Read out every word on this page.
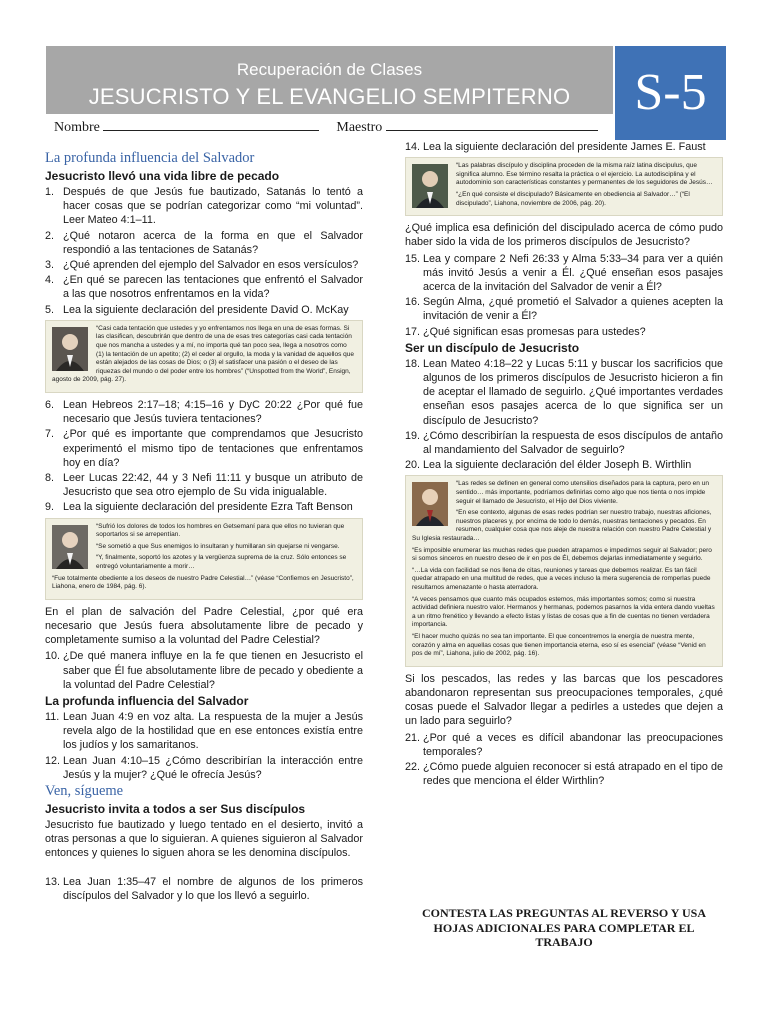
Recuperación de Clases
JESUCRISTO Y EL EVANGELIO SEMPITERNO	S-5
Nombre	Maestro
La profunda influencia del Salvador
Jesucristo llevó una vida libre de pecado
1. Después de que Jesús fue bautizado, Satanás lo tentó a hacer cosas que se podrían categorizar como “mi voluntad”. Leer Mateo 4:1–11.
2. ¿Qué notaron acerca de la forma en que el Salvador respondió a las tentaciones de Satanás?
3. ¿Qué aprenden del ejemplo del Salvador en esos versículos?
4. ¿En qué se parecen las tentaciones que enfrentó el Salvador a las que nosotros enfrentamos en la vida?
5. Lea la siguiente declaración del presidente David O. McKay

“Casi cada tentación que ustedes y yo enfrentamos nos llega en una de esas formas. Si las clasifican, descubrirán que dentro de una de esas tres categorías casi cada tentación que nos mancha a ustedes y a mí, no importa qué tan poco sea, llega a nosotros como (1) la tentación de un apetito; (2) el ceder al orgullo, la moda y la vanidad de aquellos que están alejados de las cosas de Dios; o (3) el satisfacer una pasión o el deseo de las riquezas del mundo o del poder entre los hombres” (“Unspotted from the World”, Ensign, agosto de 2009, pág. 27).

6. Lean Hebreos 2:17–18; 4:15–16 y DyC 20:22 ¿Por qué fue necesario que Jesús tuviera tentaciones?
7. ¿Por qué es importante que comprendamos que Jesucristo experimentó el mismo tipo de tentaciones que enfrentamos hoy en día?
8. Leer Lucas 22:42, 44 y 3 Nefi 11:11 y busque un atributo de Jesucristo que sea otro ejemplo de Su vida inigualable.
9. Lea la siguiente declaración del presidente Ezra Taft Benson

“Sufrió los dolores de todos los hombres en Getsemaní para que ellos no tuvieran que soportarlos si se arrepentían.

“Se sometió a que Sus enemigos lo insultaran y humillaran sin quejarse ni vengarse.

“Y, finalmente, soportó los azotes y la vergüenza suprema de la cruz. Sólo entonces se entregó voluntariamente a morir…

“Fue totalmente obediente a los deseos de nuestro Padre Celestial…” (véase “Confiemos en Jesucristo”, Liahona, enero de 1984, pág. 6).

En el plan de salvación del Padre Celestial, ¿por qué era necesario que Jesús fuera absolutamente libre de pecado y completamente sumiso a la voluntad del Padre Celestial?
10. ¿De qué manera influye en la fe que tienen en Jesucristo el saber que Él fue absolutamente libre de pecado y obediente a la voluntad del Padre Celestial?
La profunda influencia del Salvador
11. Lean Juan 4:9 en voz alta. La respuesta de la mujer a Jesús revela algo de la hostilidad que en ese entonces existía entre los judíos y los samaritanos.
12. Lean Juan 4:10–15 ¿Cómo describirían la interacción entre Jesús y la mujer? ¿Qué le ofrecía Jesús?
Ven, sígueme
Jesucristo invita a todos a ser Sus discípulos
Jesucristo fue bautizado y luego tentado en el desierto, invitó a otras personas a que lo siguieran. A quienes siguieron al Salvador entonces y quienes lo siguen ahora se les denomina discípulos.
13. Lea Juan 1:35–47 el nombre de algunos de los primeros discípulos del Salvador y lo que los llevó a seguirlo.
14. Lea la siguiente declaración del presidente James E. Faust

“Las palabras discípulo y disciplina proceden de la misma raíz latina discipulus, que significa alumno. Ese término resalta la práctica o el ejercicio. La autodisciplina y el autodominio son características constantes y permanentes de los seguidores de Jesús…

“¿En qué consiste el discipulado? Básicamente en obediencia al Salvador…” (“El discipulado”, Liahona, noviembre de 2006, pág. 20).

¿Qué implica esa definición del discipulado acerca de cómo pudo haber sido la vida de los primeros discípulos de Jesucristo?
15. Lea y compare 2 Nefi 26:33 y Alma 5:33–34 para ver a quién más invitó Jesús a venir a Él. ¿Qué enseñan esos pasajes acerca de la invitación del Salvador de venir a Él?
16. Según Alma, ¿qué prometió el Salvador a quienes acepten la invitación de venir a Él?
17. ¿Qué significan esas promesas para ustedes?
Ser un discípulo de Jesucristo
18. Lean Mateo 4:18–22 y Lucas 5:11 y buscar los sacrificios que algunos de los primeros discípulos de Jesucristo hicieron a fin de aceptar el llamado de seguirlo. ¿Qué importantes verdades enseñan esos pasajes acerca de lo que significa ser un discípulo de Jesucristo?
19. ¿Cómo describirían la respuesta de esos discípulos de antaño al mandamiento del Salvador de seguirlo?
20. Lea la siguiente declaración del élder Joseph B. Wirthlin

“Las redes se definen en general como utensilios diseñados para la captura, pero en un sentido… más importante, podríamos definirlas como algo que nos tienta o nos impide seguir el llamado de Jesucristo, el Hijo del Dios viviente.

“En ese contexto, algunas de esas redes podrían ser nuestro trabajo, nuestras aficiones, nuestros placeres y, por encima de todo lo demás, nuestras tentaciones y pecados. En resumen, cualquier cosa que nos aleje de nuestra relación con nuestro Padre Celestial y Su Iglesia restaurada…

“Es imposible enumerar las muchas redes que pueden atraparnos e impedirnos seguir al Salvador; pero si somos sinceros en nuestro deseo de ir en pos de Él, debemos dejarlas inmediatamente y seguirlo.

“…La vida con facilidad se nos llena de citas, reuniones y tareas que debemos realizar. Es tan fácil quedar atrapado en una multitud de redes, que a veces incluso la mera sugerencia de romperlas puede resultarnos amenazante o hasta aterradora.

“A veces pensamos que cuanto más ocupados estemos, más importantes somos; como si nuestra actividad definiera nuestro valor. Hermanos y hermanas, podemos pasarnos la vida entera dando vueltas a un ritmo frenético y llevando a efecto listas y listas de cosas que a fin de cuentas no tienen verdadera importancia.

“El hacer mucho quizás no sea tan importante. El que concentremos la energía de nuestra mente, corazón y alma en aquellas cosas que tienen importancia eterna, eso sí es esencial” (véase “Venid en pos de mí”, Liahona, julio de 2002, pág. 16).

Si los pescados, las redes y las barcas que los pescadores abandonaron representan sus preocupaciones temporales, ¿qué cosas puede el Salvador llegar a pedirles a ustedes que dejen a un lado para seguirlo?
21. ¿Por qué a veces es difícil abandonar las preocupaciones temporales?
22. ¿Cómo puede alguien reconocer si está atrapado en el tipo de redes que menciona el élder Wirthlin?
CONTESTA LAS PREGUNTAS AL REVERSO Y USA HOJAS ADICIONALES PARA COMPLETAR EL TRABAJO
